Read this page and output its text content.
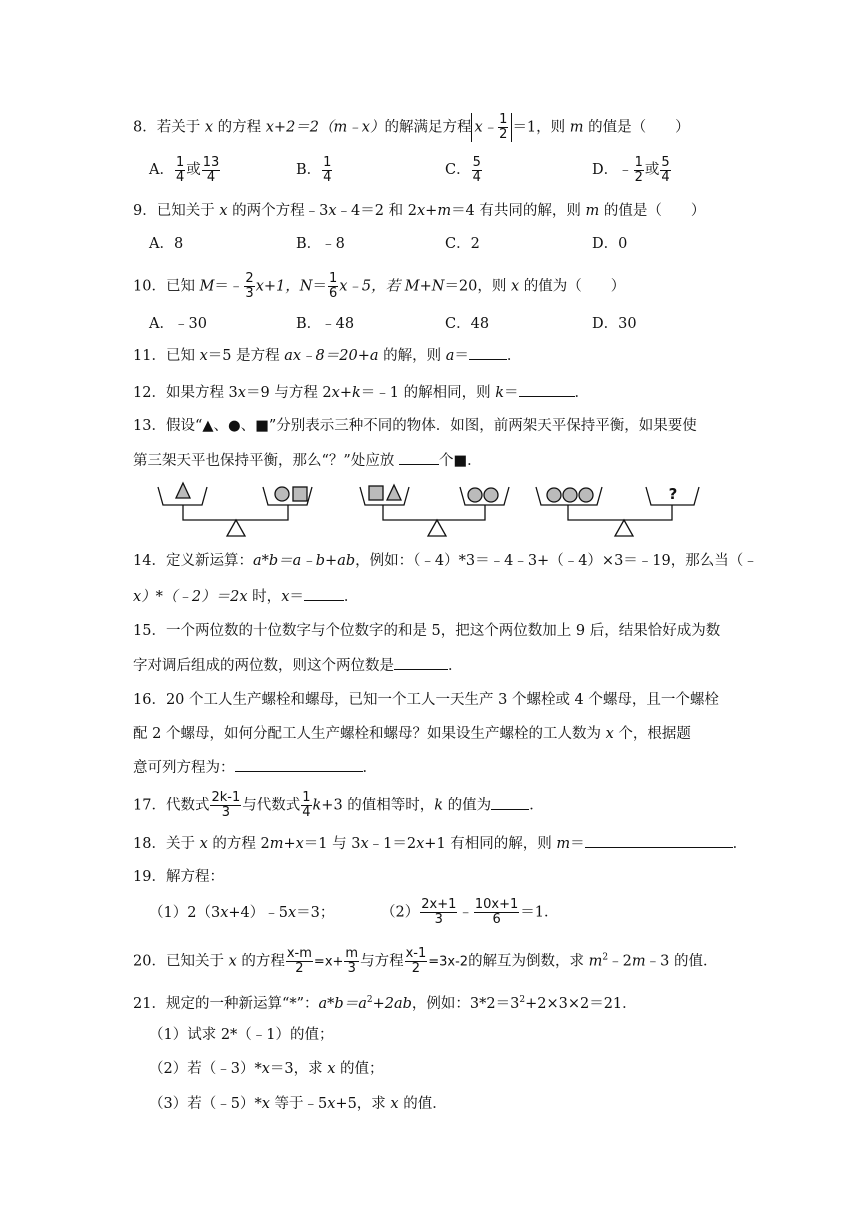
8．若关于 x 的方程 x+2＝2（m﹣x）的解满足方程 x﹣ $\frac{1}{2} =1$，则 m 的值是（　　）
A． $\frac{1}{4}$ 或 $\frac{13}{4}$	B． $\frac{1}{4}$	C． $\frac{5}{4}$	D． ﹣ $\frac{1}{2}$ 或 $\frac{5}{4}$
9．已知关于 x 的两个方程﹣3x﹣4＝2 和 2x+m＝4 有共同的解，则 m 的值是（　　）
A．8	B．﹣8	C．2	D．0
10．已知 M＝﹣ $\frac{2}{3} x+1$，$N= \frac{1}{6}$ x﹣5，若 M+N＝20，则 x 的值为（　　）
A．﹣30	B．﹣48	C．48	D．30
11．已知 x＝5 是方程 ax﹣8＝20+a 的解，则 a＝	．
12．如果方程 3x＝9 与方程 2x+k＝﹣1 的解相同，则 k＝	．
13．假设“▲、●、■”分别表示三种不同的物体．如图，前两架天平保持平衡，如果要使
第三架天平也保持平衡，那么“？”处应放	个■．
?
14．定义新运算：a*b＝a﹣b+ab，例如：（﹣4）*3＝﹣4﹣3+（﹣4）×3＝﹣19，那么当（﹣
x）*（﹣2）＝2x 时，x＝	．
15．一个两位数的十位数字与个位数字的和是 5，把这个两位数加上 9 后，结果恰好成为数
字对调后组成的两位数，则这个两位数是	．
16．20 个工人生产螺栓和螺母，已知一个工人一天生产 3 个螺栓或 4 个螺母，且一个螺栓
配 2 个螺母，如何分配工人生产螺栓和螺母？如果设生产螺栓的工人数为 x 个，根据题
意可列方程为：	．
17．代数式 $\frac{2k-1}{3}$ 与代数式 $\frac{1}{4} k+3$ 的值相等时，k 的值为	．
18．关于 x 的方程 2m+x＝1 与 3x﹣1＝2x+1 有相同的解，则 m＝	．
19．解方程：
（1）2（3x+4）﹣5x＝3；	$(2) \frac{2x+1}{3}$ ﹣ $\frac{10x+1}{6} =1$．
20．已知关于 x 的方程 $\frac{x-m}{2} =x+ \frac{m}{3}$ 与方程 $\frac{x-1}{2} =3x-2$的解互为倒数，求 $m^2﹣2m﹣3$ 的值．
21．规定的一种新运算“*”：$a*b=a^2+2ab$，例如：$3*2=3^2+2\times 3\times 2=21$．
（1）试求 2*（﹣1）的值；
（2）若（﹣3）*x＝3，求 x 的值；
（3）若（﹣5）*x 等于﹣5x+5，求 x 的值．
